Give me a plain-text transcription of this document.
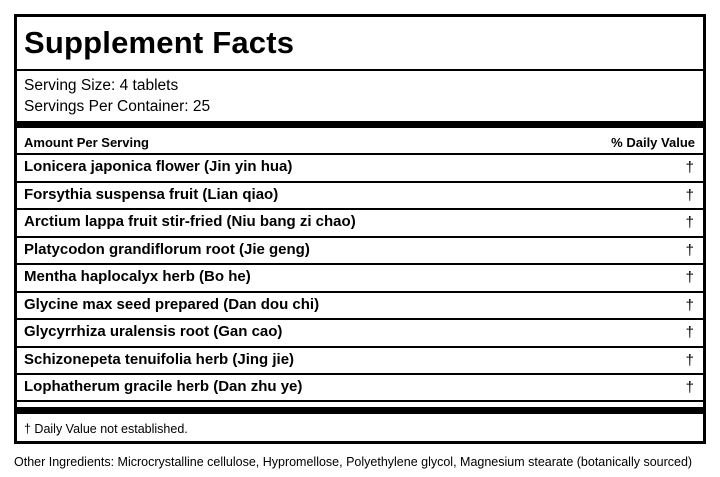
Supplement Facts
Serving Size: 4 tablets
Servings Per Container: 25
Amount Per Serving	% Daily Value
Lonicera japonica flower (Jin yin hua)	†
Forsythia suspensa fruit (Lian qiao)	†
Arctium lappa fruit stir-fried (Niu bang zi chao)	†
Platycodon grandiflorum root (Jie geng)	†
Mentha haplocalyx herb (Bo he)	†
Glycine max seed prepared (Dan dou chi)	†
Glycyrrhiza uralensis root (Gan cao)	†
Schizonepeta tenuifolia herb (Jing jie)	†
Lophatherum gracile herb (Dan zhu ye)	†
† Daily Value not established.
Other Ingredients: Microcrystalline cellulose, Hypromellose, Polyethylene glycol, Magnesium stearate (botanically sourced)
